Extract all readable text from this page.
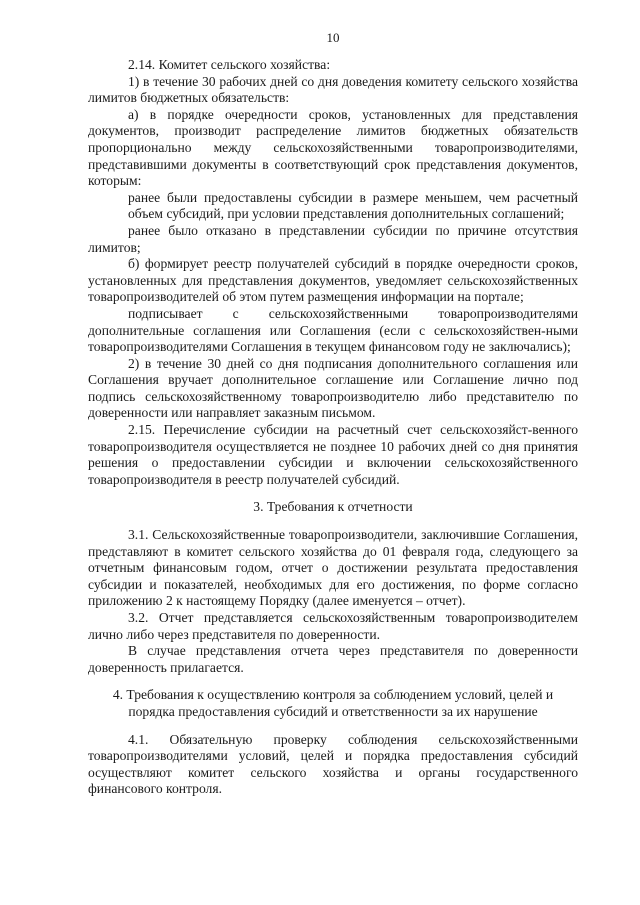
10

2.14. Комитет сельского хозяйства:

1) в течение 30 рабочих дней со дня доведения комитету сельского хозяйства лимитов бюджетных обязательств:

а) в порядке очередности сроков, установленных для представления документов, производит распределение лимитов бюджетных обязательств пропорционально между сельскохозяйственными товаропроизводителями, представившими документы в соответствующий срок представления документов, которым:

ранее были предоставлены субсидии в размере меньшем, чем расчетный объем субсидий, при условии представления дополнительных соглашений;

ранее было отказано в представлении субсидии по причине отсутствия лимитов;

б) формирует реестр получателей субсидий в порядке очередности сроков, установленных для представления документов, уведомляет сельскохозяйственных товаропроизводителей об этом путем размещения информации на портале;

подписывает с сельскохозяйственными товаропроизводителями дополнительные соглашения или Соглашения (если с сельскохозяйствен-ными товаропроизводителями Соглашения в текущем финансовом году не заключались);

2) в течение 30 дней со дня подписания дополнительного соглашения или Соглашения вручает дополнительное соглашение или Соглашение лично под подпись сельскохозяйственному товаропроизводителю либо представителю по доверенности или направляет заказным письмом.

2.15. Перечисление субсидии на расчетный счет сельскохозяйст-венного товаропроизводителя осуществляется не позднее 10 рабочих дней со дня принятия решения о предоставлении субсидии и включении сельскохозяйственного товаропроизводителя в реестр получателей субсидий.

3. Требования к отчетности

3.1. Сельскохозяйственные товаропроизводители, заключившие Соглашения, представляют в комитет сельского хозяйства до 01 февраля года, следующего за отчетным финансовым годом, отчет о достижении результата предоставления субсидии и показателей, необходимых для его достижения, по форме согласно приложению 2 к настоящему Порядку (далее именуется – отчет).

3.2. Отчет представляется сельскохозяйственным товаропроизводителем лично либо через представителя по доверенности.

В случае представления отчета через представителя по доверенности доверенность прилагается.

4. Требования к осуществлению контроля за соблюдением условий, целей и порядка предоставления субсидий и ответственности за их нарушение

4.1. Обязательную проверку соблюдения сельскохозяйственными товаропроизводителями условий, целей и порядка предоставления субсидий осуществляют комитет сельского хозяйства и органы государственного финансового контроля.
